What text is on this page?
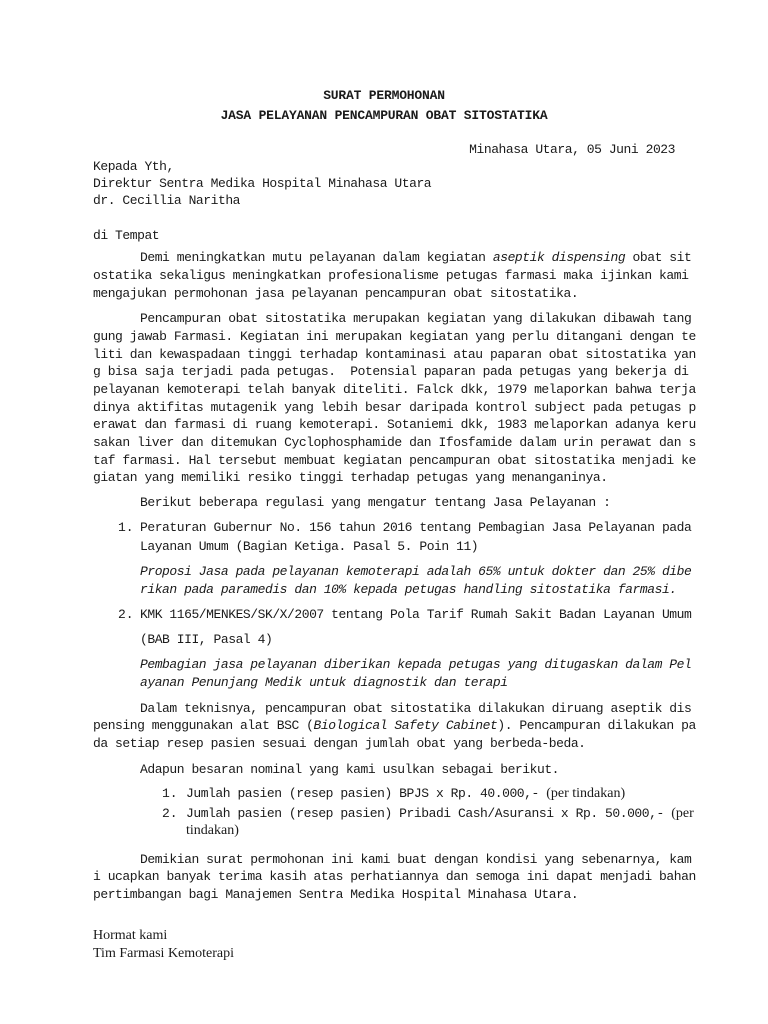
SURAT PERMOHONAN
JASA PELAYANAN PENCAMPURAN OBAT SITOSTATIKA
Minahasa Utara, 05 Juni 2023
Kepada Yth,
Direktur Sentra Medika Hospital Minahasa Utara
dr. Cecillia Naritha
di Tempat
Demi meningkatkan mutu pelayanan dalam kegiatan aseptik dispensing obat sit
ostatika sekaligus meningkatkan profesionalisme petugas farmasi maka ijinkan kami
mengajukan permohonan jasa pelayanan pencampuran obat sitostatika.
Pencampuran obat sitostatika merupakan kegiatan yang dilakukan dibawah tang
gung jawab Farmasi. Kegiatan ini merupakan kegiatan yang perlu ditangani dengan te
liti dan kewaspadaan tinggi terhadap kontaminasi atau paparan obat sitostatika yan
g bisa saja terjadi pada petugas.  Potensial paparan pada petugas yang bekerja di
pelayanan kemoterapi telah banyak diteliti. Falck dkk, 1979 melaporkan bahwa terja
dinya aktifitas mutagenik yang lebih besar daripada kontrol subject pada petugas p
erawat dan farmasi di ruang kemoterapi. Sotaniemi dkk, 1983 melaporkan adanya keru
sakan liver dan ditemukan Cyclophosphamide dan Ifosfamide dalam urin perawat dan s
taf farmasi. Hal tersebut membuat kegiatan pencampuran obat sitostatika menjadi ke
giatan yang memiliki resiko tinggi terhadap petugas yang menanganinya.
Berikut beberapa regulasi yang mengatur tentang Jasa Pelayanan :
1. Peraturan Gubernur No. 156 tahun 2016 tentang Pembagian Jasa Pelayanan pada
Layanan Umum (Bagian Ketiga. Pasal 5. Poin 11)
Proposi Jasa pada pelayanan kemoterapi adalah 65% untuk dokter dan 25% dibe
rikan pada paramedis dan 10% kepada petugas handling sitostatika farmasi.
2. KMK 1165/MENKES/SK/X/2007 tentang Pola Tarif Rumah Sakit Badan Layanan Umum
(BAB III, Pasal 4)
Pembagian jasa pelayanan diberikan kepada petugas yang ditugaskan dalam Pel
ayanan Penunjang Medik untuk diagnostik dan terapi
Dalam teknisnya, pencampuran obat sitostatika dilakukan diruang aseptik dis
pensing menggunakan alat BSC (Biological Safety Cabinet). Pencampuran dilakukan pa
da setiap resep pasien sesuai dengan jumlah obat yang berbeda-beda.
Adapun besaran nominal yang kami usulkan sebagai berikut.
1. Jumlah pasien (resep pasien) BPJS x Rp. 40.000,- (per tindakan)
2. Jumlah pasien (resep pasien) Pribadi Cash/Asuransi x Rp. 50.000,- (per
tindakan)
Demikian surat permohonan ini kami buat dengan kondisi yang sebenarnya, kam
i ucapkan banyak terima kasih atas perhatiannya dan semoga ini dapat menjadi bahan
pertimbangan bagi Manajemen Sentra Medika Hospital Minahasa Utara.
Hormat kami
Tim Farmasi Kemoterapi
